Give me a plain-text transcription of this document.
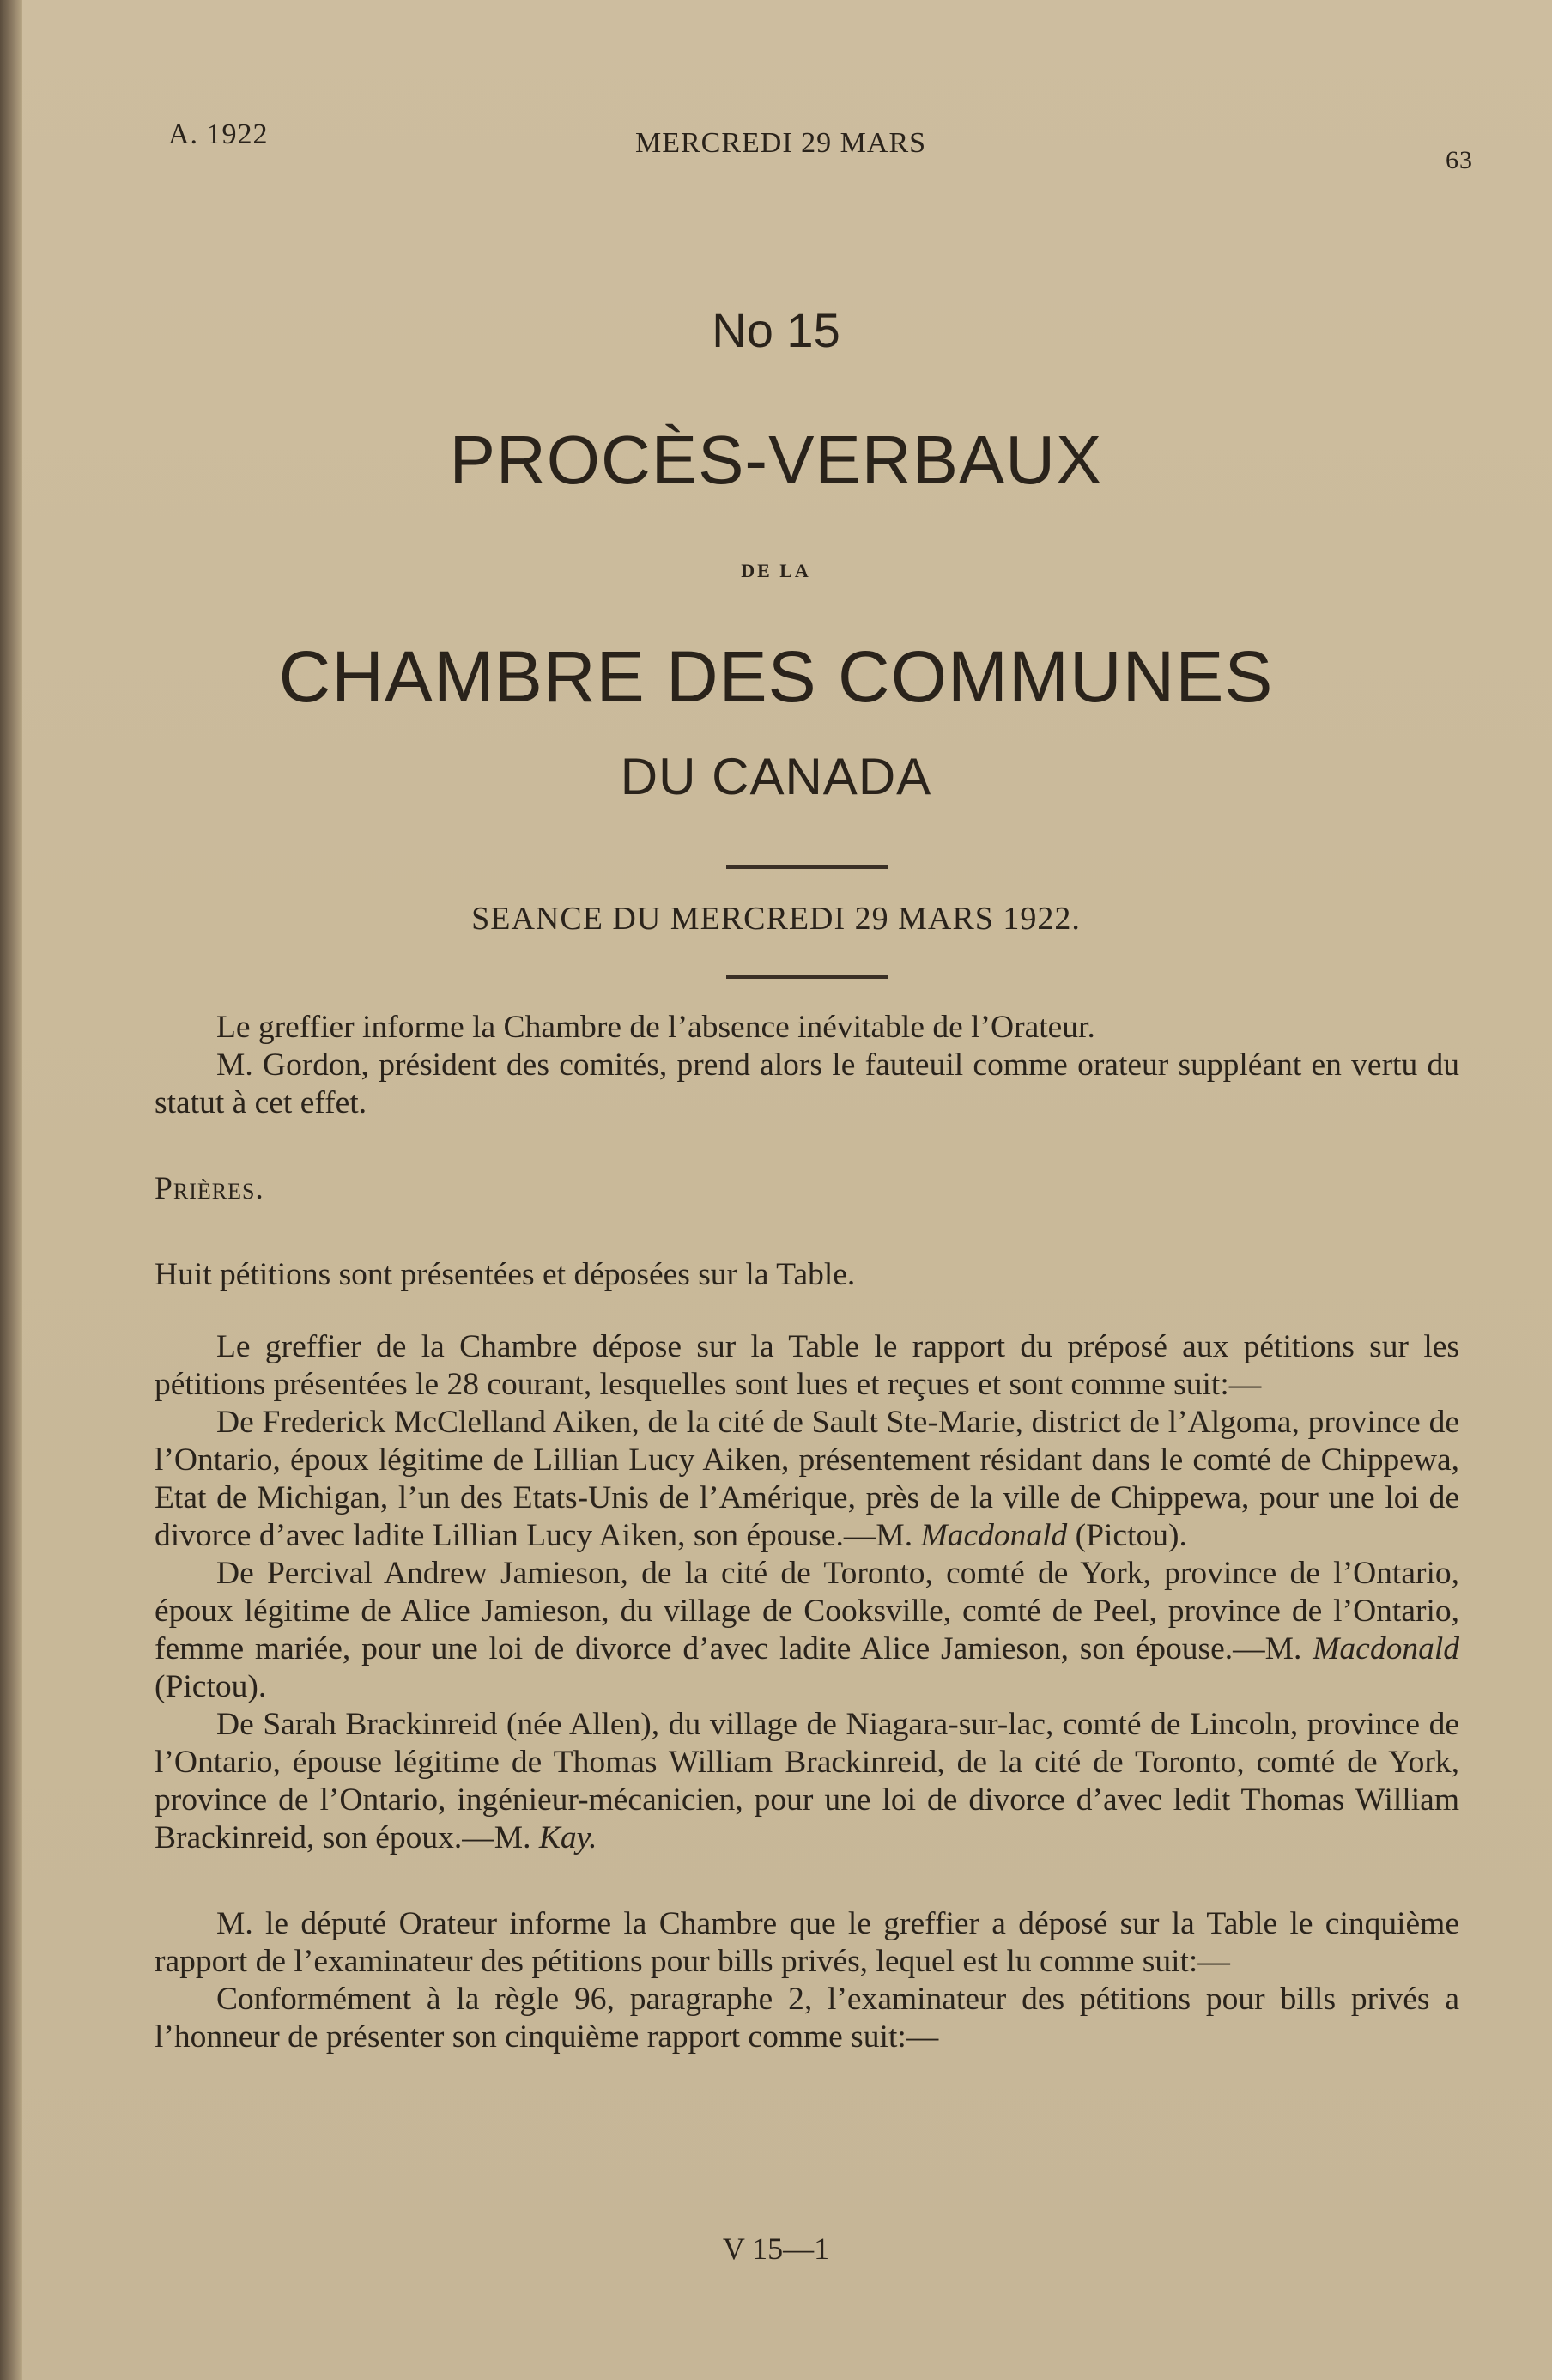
A. 1922	MERCREDI 29 MARS
63
No 15
PROCÈS-VERBAUX
DE LA
CHAMBRE DES COMMUNES
DU CANADA
SEANCE DU MERCREDI 29 MARS 1922.

Le greffier informe la Chambre de l’absence inévitable de l’Orateur.

M. Gordon, président des comités, prend alors le fauteuil comme orateur suppléant en vertu du statut à cet effet.

Prières.

Huit pétitions sont présentées et déposées sur la Table.

Le greffier de la Chambre dépose sur la Table le rapport du préposé aux pétitions sur les pétitions présentées le 28 courant, lesquelles sont lues et reçues et sont comme suit:—

De Frederick McClelland Aiken, de la cité de Sault Ste-Marie, district de l’Algoma, province de l’Ontario, époux légitime de Lillian Lucy Aiken, présentement résidant dans le comté de Chippewa, Etat de Michigan, l’un des Etats-Unis de l’Amérique, près de la ville de Chippewa, pour une loi de divorce d’avec ladite Lillian Lucy Aiken, son épouse.—M. Macdonald (Pictou).

De Percival Andrew Jamieson, de la cité de Toronto, comté de York, province de l’Ontario, époux légitime de Alice Jamieson, du village de Cooksville, comté de Peel, province de l’Ontario, femme mariée, pour une loi de divorce d’avec ladite Alice Jamieson, son épouse.—M. Macdonald (Pictou).

De Sarah Brackinreid (née Allen), du village de Niagara-sur-lac, comté de Lincoln, province de l’Ontario, épouse légitime de Thomas William Brackinreid, de la cité de Toronto, comté de York, province de l’Ontario, ingénieur-mécanicien, pour une loi de divorce d’avec ledit Thomas William Brackinreid, son époux.—M. Kay.

M. le député Orateur informe la Chambre que le greffier a déposé sur la Table le cinquième rapport de l’examinateur des pétitions pour bills privés, lequel est lu comme suit:—

Conformément à la règle 96, paragraphe 2, l’examinateur des pétitions pour bills privés a l’honneur de présenter son cinquième rapport comme suit:—

V 15—1
